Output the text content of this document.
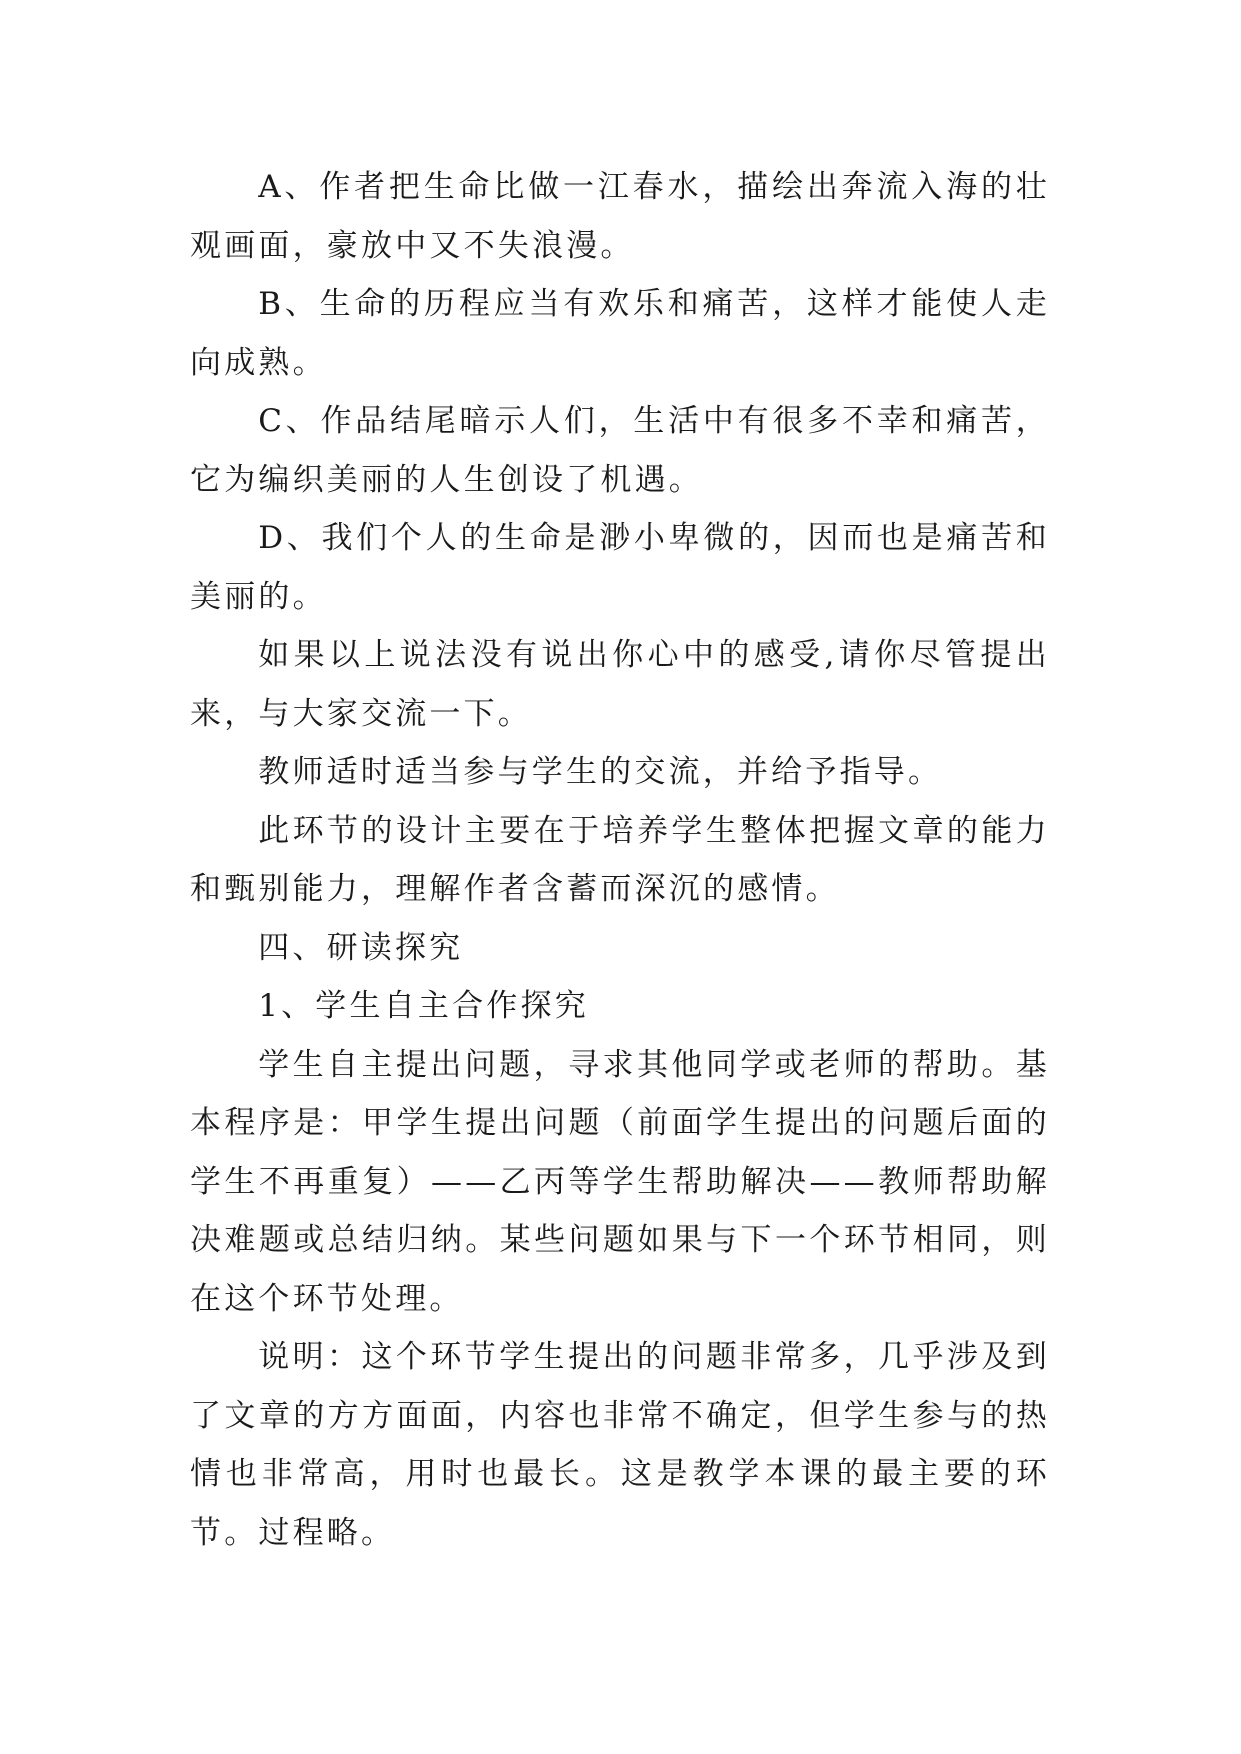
A、作者把生命比做一江春水，描绘出奔流入海的壮观画面，豪放中又不失浪漫。

B、生命的历程应当有欢乐和痛苦，这样才能使人走向成熟。

C、作品结尾暗示人们，生活中有很多不幸和痛苦，它为编织美丽的人生创设了机遇。

D、我们个人的生命是渺小卑微的，因而也是痛苦和美丽的。

如果以上说法没有说出你心中的感受,请你尽管提出来，与大家交流一下。

教师适时适当参与学生的交流，并给予指导。

此环节的设计主要在于培养学生整体把握文章的能力和甄别能力，理解作者含蓄而深沉的感情。

四、研读探究

1、学生自主合作探究

学生自主提出问题，寻求其他同学或老师的帮助。基本程序是：甲学生提出问题（前面学生提出的问题后面的学生不再重复）——乙丙等学生帮助解决——教师帮助解决难题或总结归纳。某些问题如果与下一个环节相同，则在这个环节处理。

说明：这个环节学生提出的问题非常多，几乎涉及到了文章的方方面面，内容也非常不确定，但学生参与的热情也非常高，用时也最长。这是教学本课的最主要的环节。过程略。
